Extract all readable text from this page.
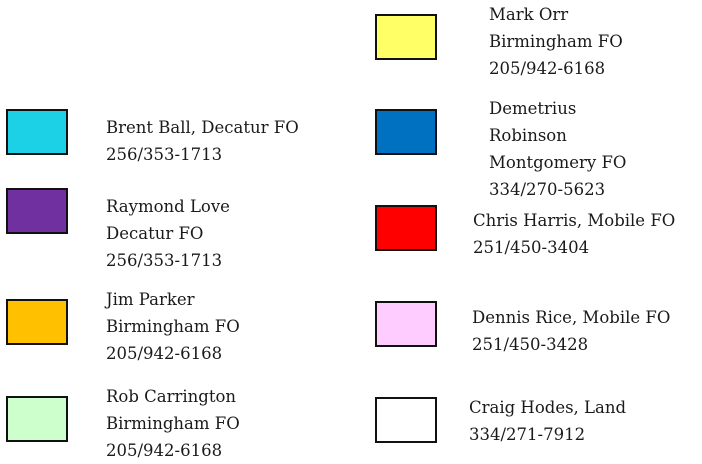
Brent Ball, Decatur FO
256/353-1713
Raymond Love
Decatur FO
256/353-1713
Jim Parker
Birmingham FO
205/942-6168
Rob Carrington
Birmingham FO
205/942-6168
Mark Orr
Birmingham FO
205/942-6168
Demetrius
Robinson
Montgomery FO
334/270-5623
Chris Harris, Mobile FO
251/450-3404
Dennis Rice, Mobile FO
251/450-3428
Craig Hodes, Land
334/271-7912
